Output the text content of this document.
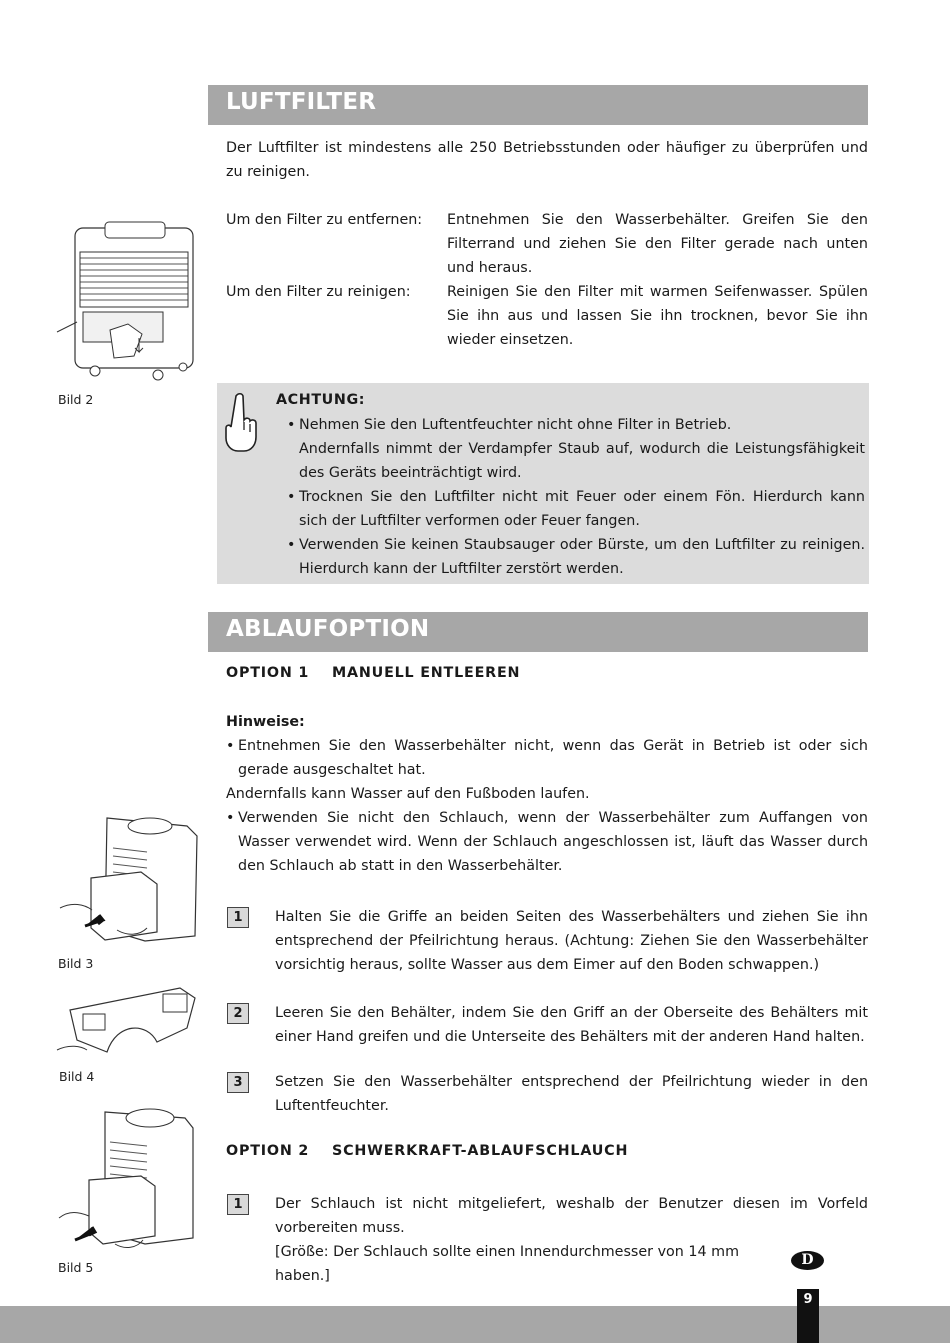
LUFTFILTER
Der Luftfilter ist mindestens alle 250 Betriebsstunden oder häufiger zu überprüfen und zu reinigen.
Um den Filter zu entfernen:	Entnehmen Sie den Wasserbehälter. Greifen Sie den Filterrand und ziehen Sie den Filter gerade nach unten und heraus.
Um den Filter zu reinigen:	Reinigen Sie den Filter mit warmen Seifenwasser. Spülen Sie ihn aus und lassen Sie ihn trocknen, bevor Sie ihn wieder einsetzen.
Bild 2	ACHTUNG:
• Nehmen Sie den Luftentfeuchter nicht ohne Filter in Betrieb.
Andernfalls nimmt der Verdampfer Staub auf, wodurch die Leistungsfähigkeit des Geräts beeinträchtigt wird.
• Trocknen Sie den Luftfilter nicht mit Feuer oder einem Fön. Hierdurch kann sich der Luftfilter verformen oder Feuer fangen.
• Verwenden Sie keinen Staubsauger oder Bürste, um den Luftfilter zu reinigen. Hierdurch kann der Luftfilter zerstört werden.
ABLAUFOPTION
OPTION 1 MANUELL ENTLEEREN
Hinweise:
• Entnehmen Sie den Wasserbehälter nicht, wenn das Gerät in Betrieb ist oder sich gerade ausgeschaltet hat.
Andernfalls kann Wasser auf den Fußboden laufen.
• Verwenden Sie nicht den Schlauch, wenn der Wasserbehälter zum Auffangen von Wasser verwendet wird. Wenn der Schlauch angeschlossen ist, läuft das Wasser durch den Schlauch ab statt in den Wasserbehälter.
1	Halten Sie die Griffe an beiden Seiten des Wasserbehälters und ziehen Sie ihn entsprechend der Pfeilrichtung heraus. (Achtung: Ziehen Sie den Wasserbehälter vorsichtig heraus, sollte Wasser aus dem Eimer auf den Boden schwappen.)
2	Leeren Sie den Behälter, indem Sie den Griff an der Oberseite des Behälters mit einer Hand greifen und die Unterseite des Behälters mit der anderen Hand halten.
3	Setzen Sie den Wasserbehälter entsprechend der Pfeilrichtung wieder in den Luftentfeuchter.
OPTION 2 SCHWERKRAFT-ABLAUFSCHLAUCH
1	Der Schlauch ist nicht mitgeliefert, weshalb der Benutzer diesen im Vorfeld vorbereiten muss.
[Größe: Der Schlauch sollte einen Innendurchmesser von 14 mm haben.]
Bild 3
Bild 4
Bild 5	D
9
